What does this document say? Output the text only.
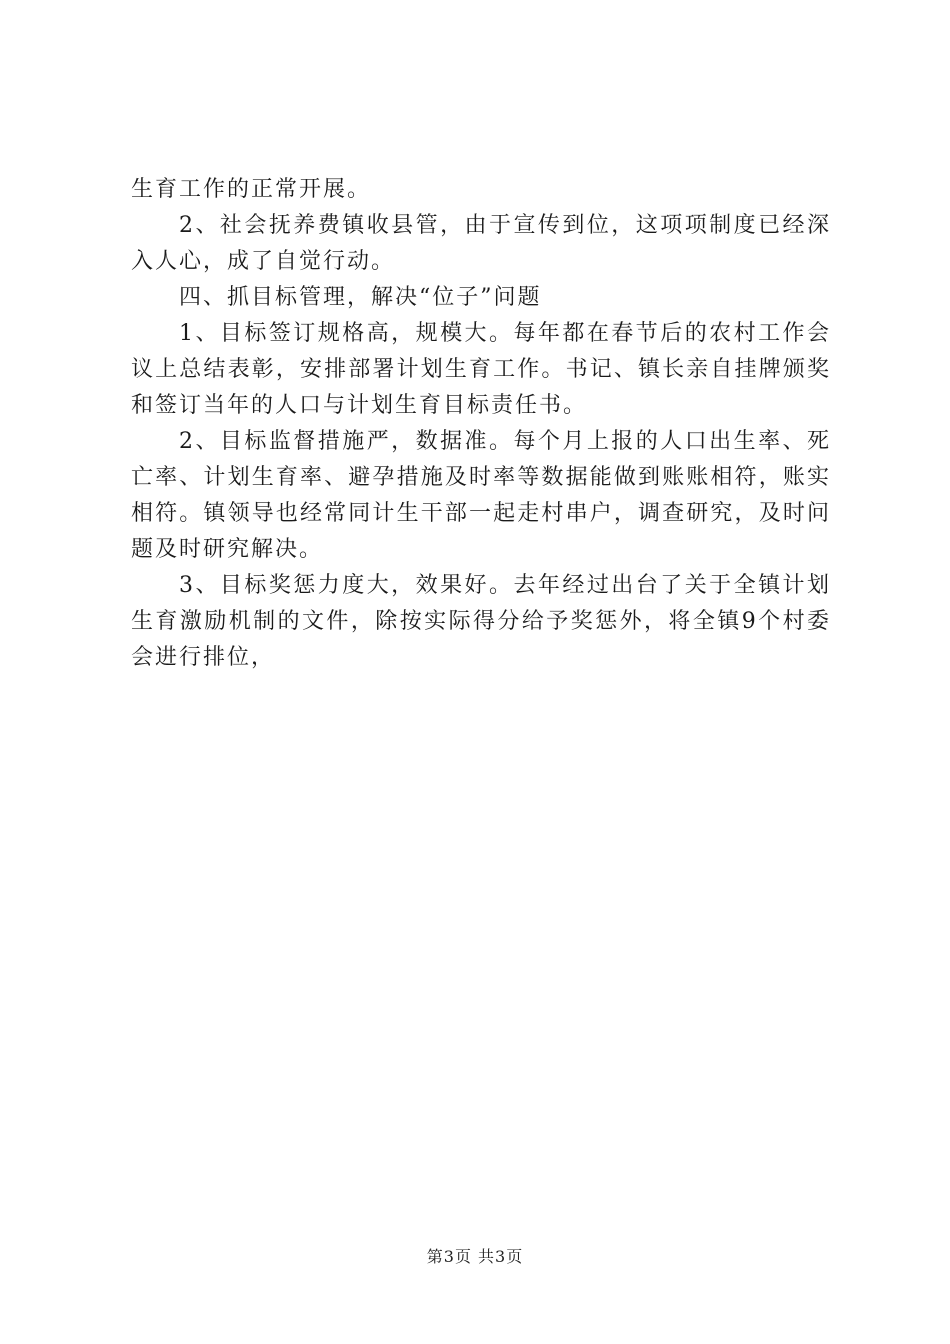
生育工作的正常开展。

2、社会抚养费镇收县管，由于宣传到位，这项项制度已经深入人心，成了自觉行动。

四、抓目标管理，解决“位子”问题

1、目标签订规格高，规模大。每年都在春节后的农村工作会议上总结表彰，安排部署计划生育工作。书记、镇长亲自挂牌颁奖和签订当年的人口与计划生育目标责任书。

2、目标监督措施严，数据准。每个月上报的人口出生率、死亡率、计划生育率、避孕措施及时率等数据能做到账账相符，账实相符。镇领导也经常同计生干部一起走村串户，调查研究，及时问题及时研究解决。

3、目标奖惩力度大，效果好。去年经过出台了关于全镇计划生育激励机制的文件，除按实际得分给予奖惩外，将全镇9个村委会进行排位，

第3页 共3页
